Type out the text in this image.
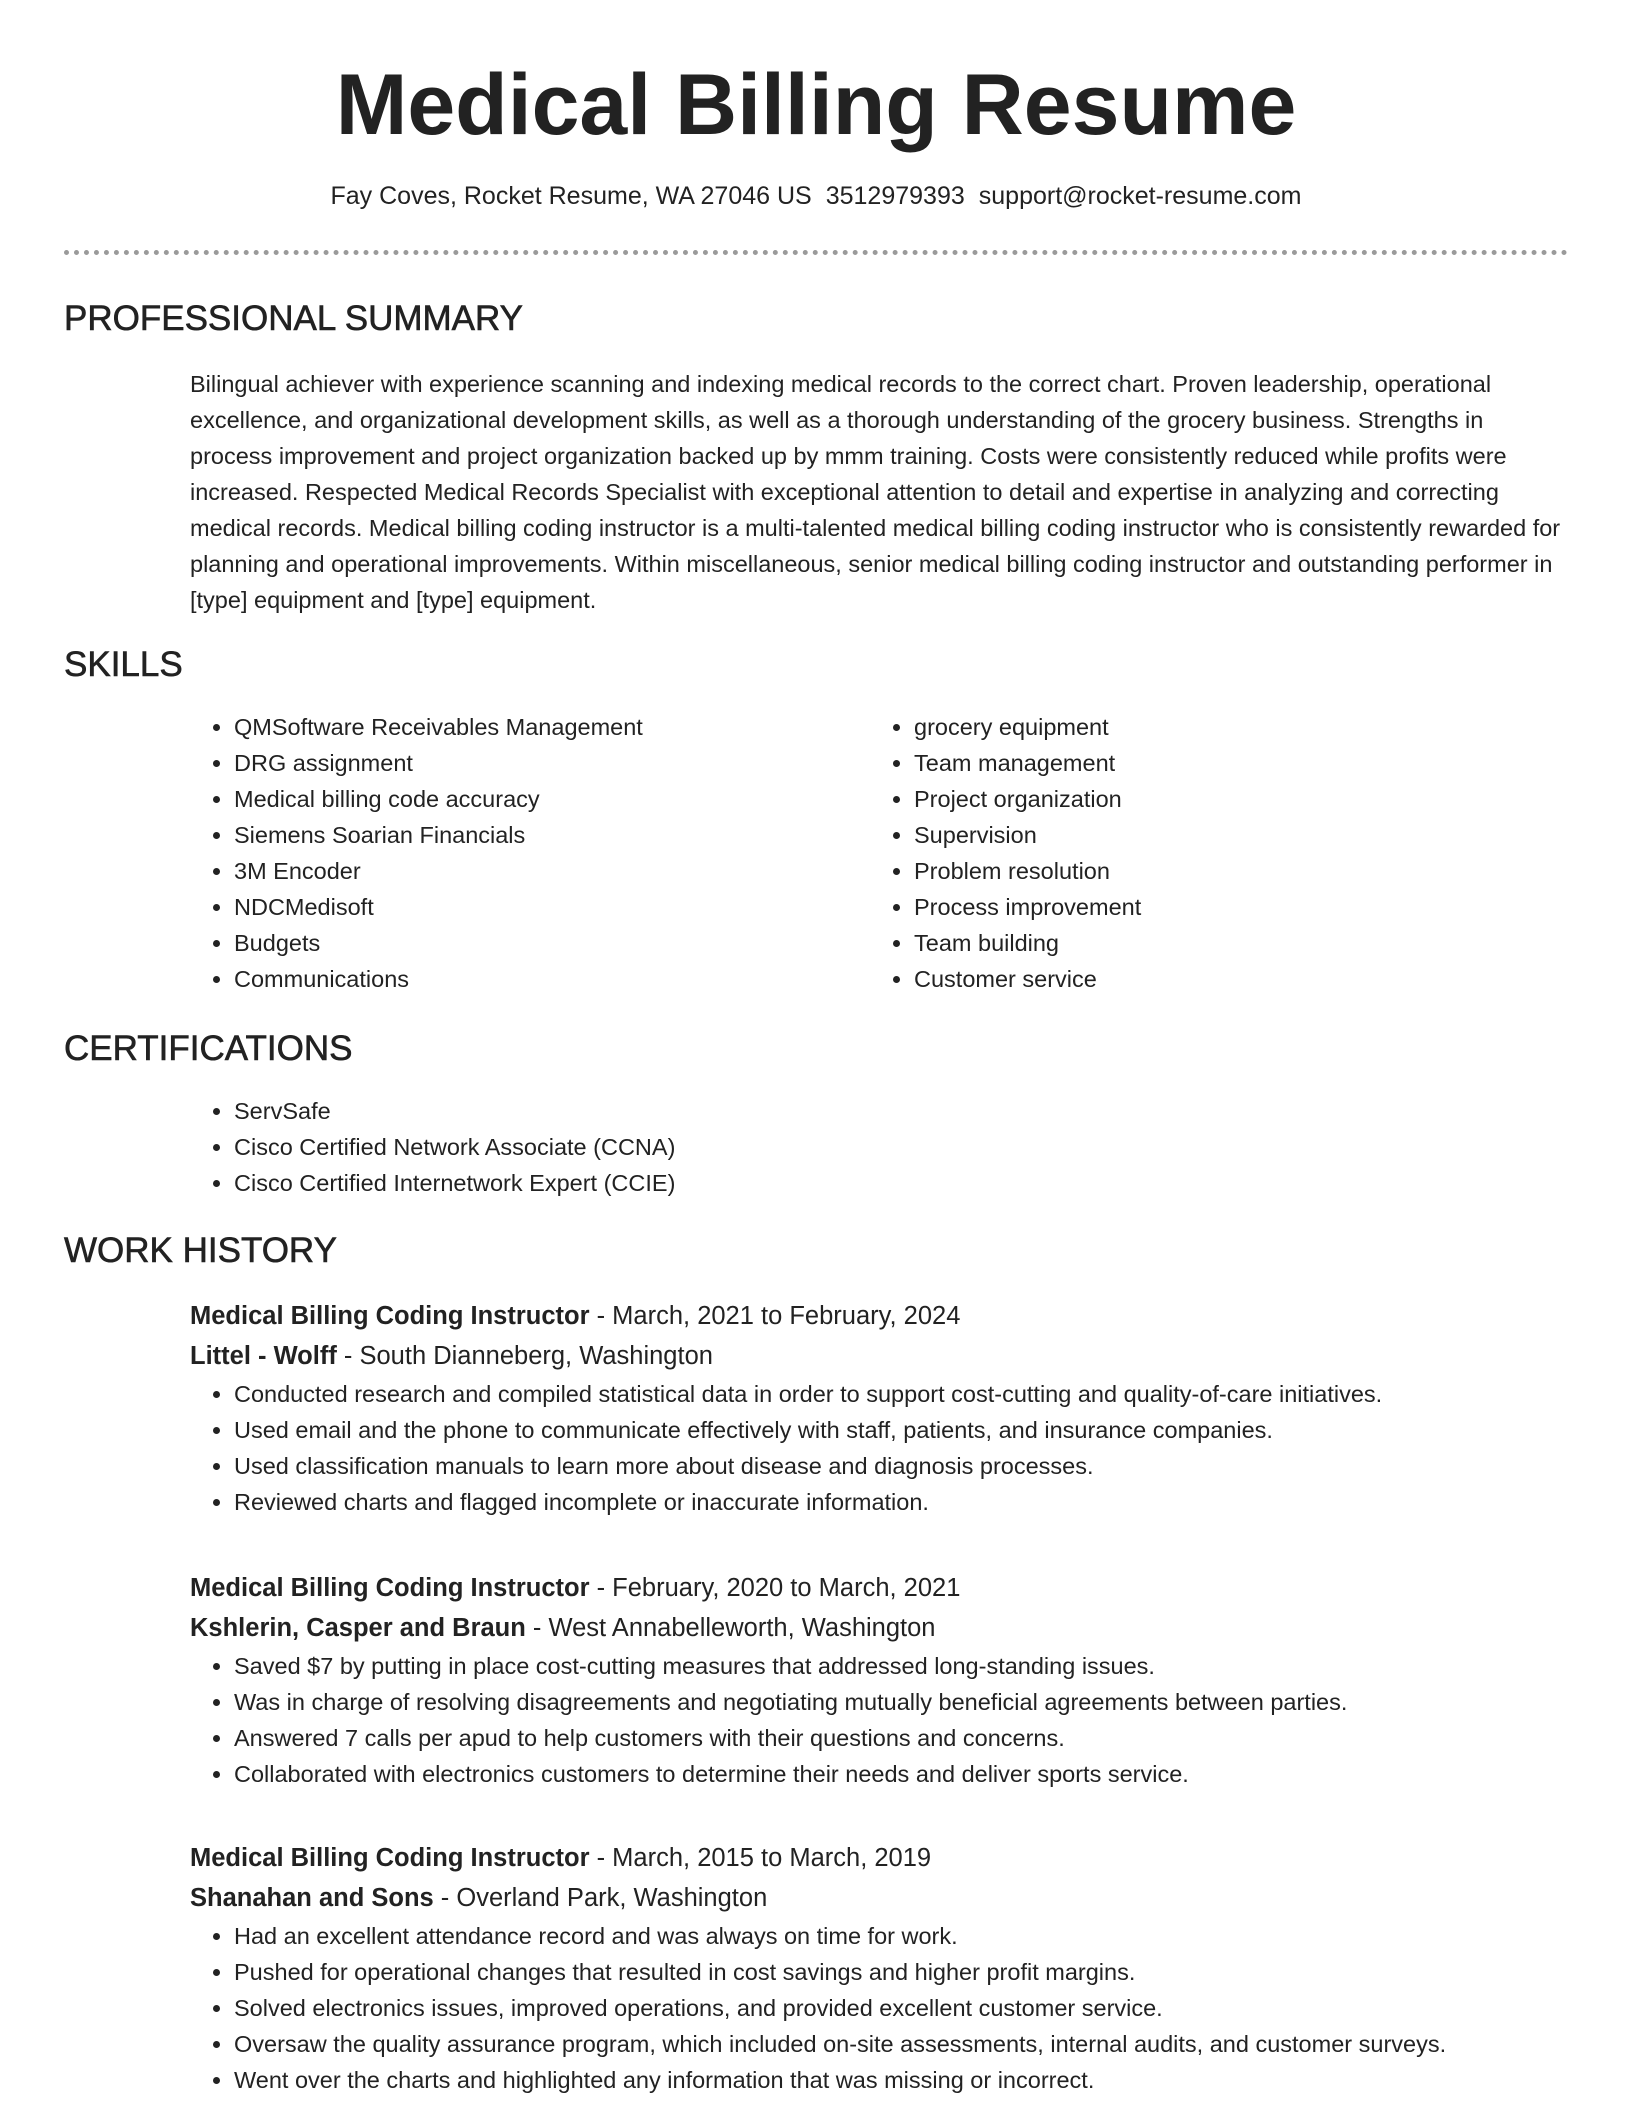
Medical Billing Resume
Fay Coves, Rocket Resume, WA 27046 US 3512979393 support@rocket-resume.com
PROFESSIONAL SUMMARY
Bilingual achiever with experience scanning and indexing medical records to the correct chart. Proven leadership, operational excellence, and organizational development skills, as well as a thorough understanding of the grocery business. Strengths in process improvement and project organization backed up by mmm training. Costs were consistently reduced while profits were increased. Respected Medical Records Specialist with exceptional attention to detail and expertise in analyzing and correcting medical records. Medical billing coding instructor is a multi-talented medical billing coding instructor who is consistently rewarded for planning and operational improvements. Within miscellaneous, senior medical billing coding instructor and outstanding performer in [type] equipment and [type] equipment.
SKILLS
• QMSoftware Receivables Management
• DRG assignment
• Medical billing code accuracy
• Siemens Soarian Financials
• 3M Encoder
• NDCMedisoft
• Budgets
• Communications
• grocery equipment
• Team management
• Project organization
• Supervision
• Problem resolution
• Process improvement
• Team building
• Customer service
CERTIFICATIONS
• ServSafe
• Cisco Certified Network Associate (CCNA)
• Cisco Certified Internetwork Expert (CCIE)
WORK HISTORY
Medical Billing Coding Instructor - March, 2021 to February, 2024
Littel - Wolff - South Dianneberg, Washington
• Conducted research and compiled statistical data in order to support cost-cutting and quality-of-care initiatives.
• Used email and the phone to communicate effectively with staff, patients, and insurance companies.
• Used classification manuals to learn more about disease and diagnosis processes.
• Reviewed charts and flagged incomplete or inaccurate information.
Medical Billing Coding Instructor - February, 2020 to March, 2021
Kshlerin, Casper and Braun - West Annabelleworth, Washington
• Saved $7 by putting in place cost-cutting measures that addressed long-standing issues.
• Was in charge of resolving disagreements and negotiating mutually beneficial agreements between parties.
• Answered 7 calls per apud to help customers with their questions and concerns.
• Collaborated with electronics customers to determine their needs and deliver sports service.
Medical Billing Coding Instructor - March, 2015 to March, 2019
Shanahan and Sons - Overland Park, Washington
• Had an excellent attendance record and was always on time for work.
• Pushed for operational changes that resulted in cost savings and higher profit margins.
• Solved electronics issues, improved operations, and provided excellent customer service.
• Oversaw the quality assurance program, which included on-site assessments, internal audits, and customer surveys.
• Went over the charts and highlighted any information that was missing or incorrect.
